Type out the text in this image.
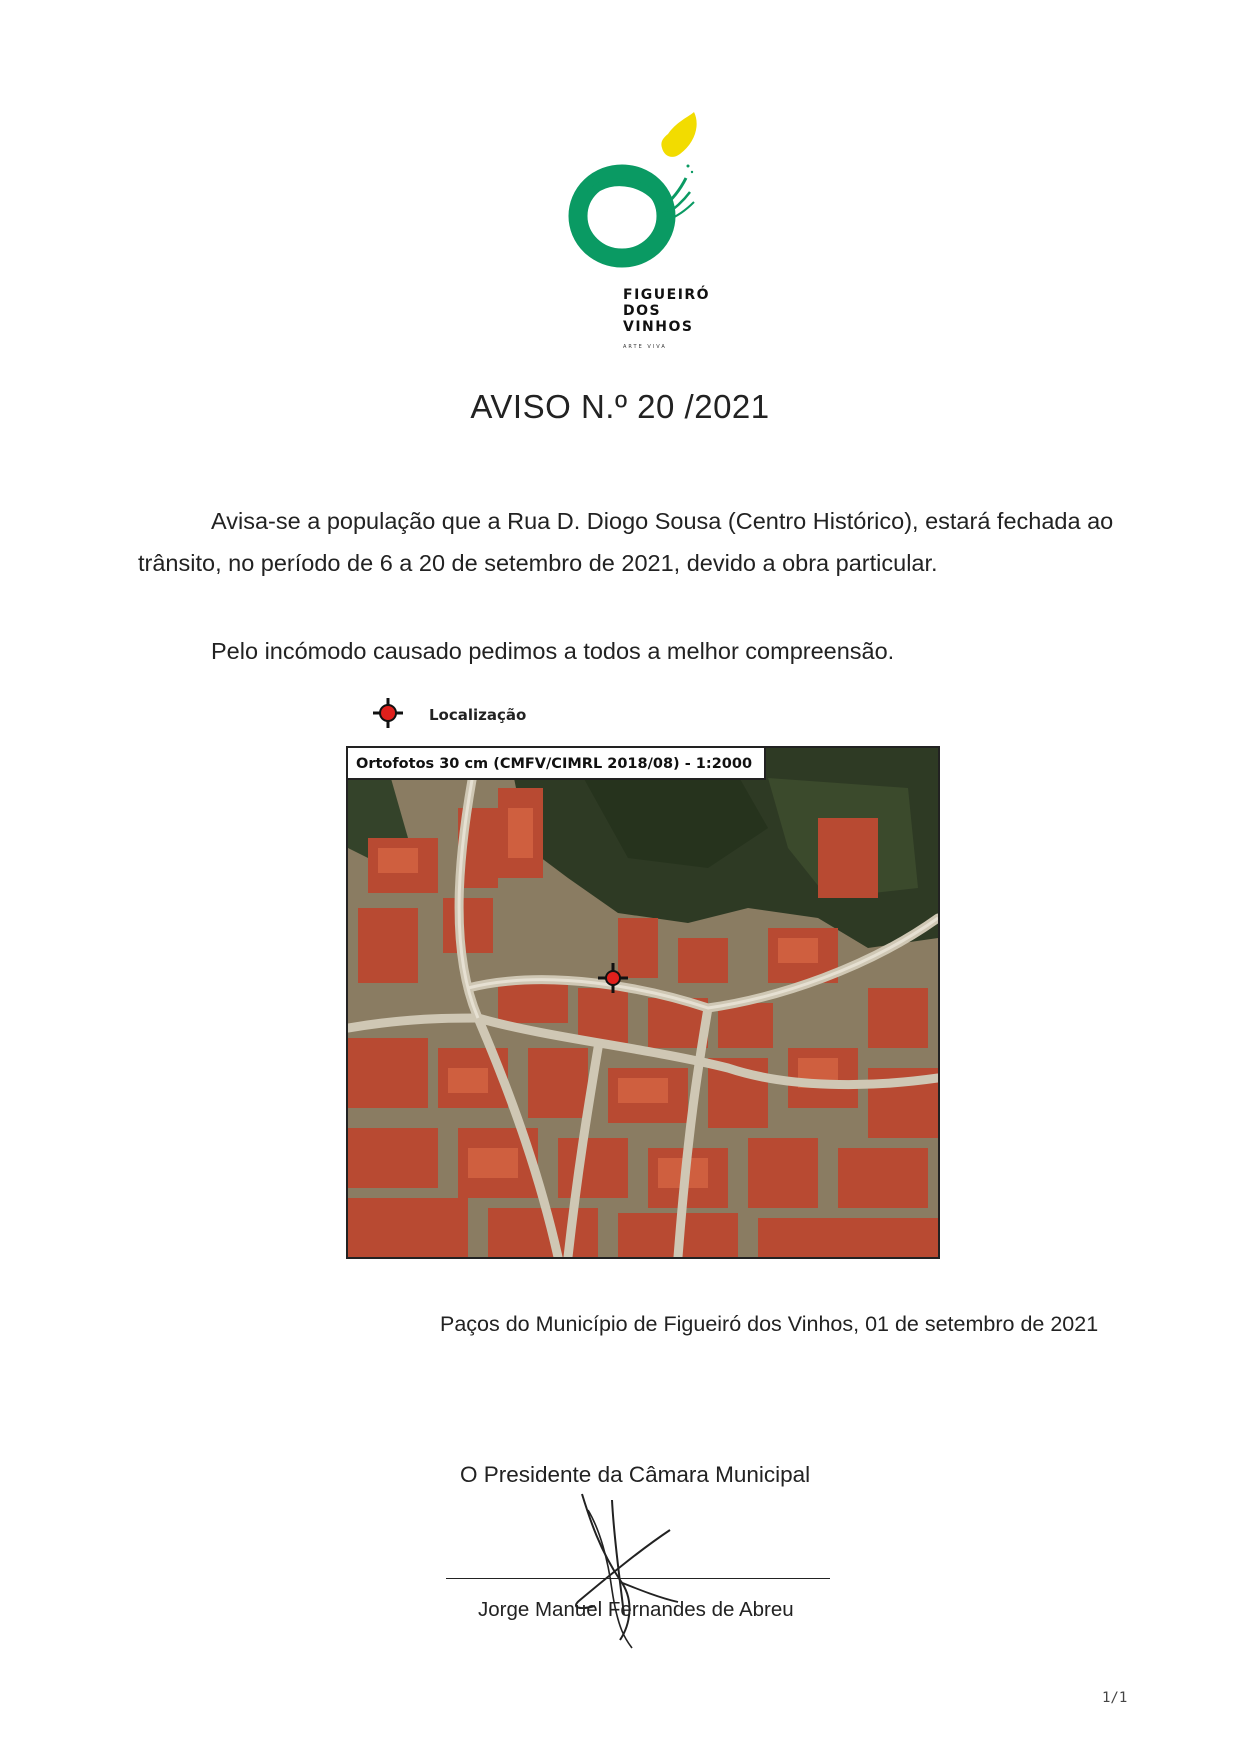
FIGUEIRÓ
DOS
VINHOS
ARTE VIVA
AVISO N.º 20 /2021
Avisa-se a população que a Rua D. Diogo Sousa (Centro Histórico), estará fechada ao trânsito, no período de 6 a 20 de setembro de 2021, devido a obra particular.
Pelo incómodo causado pedimos a todos a melhor compreensão.
Localização
Ortofotos 30 cm (CMFV/CIMRL 2018/08) - 1:2000
Paços do Município de Figueiró dos Vinhos, 01 de setembro de 2021
O Presidente da Câmara Municipal
Jorge Manuel Fernandes de Abreu
1/1
